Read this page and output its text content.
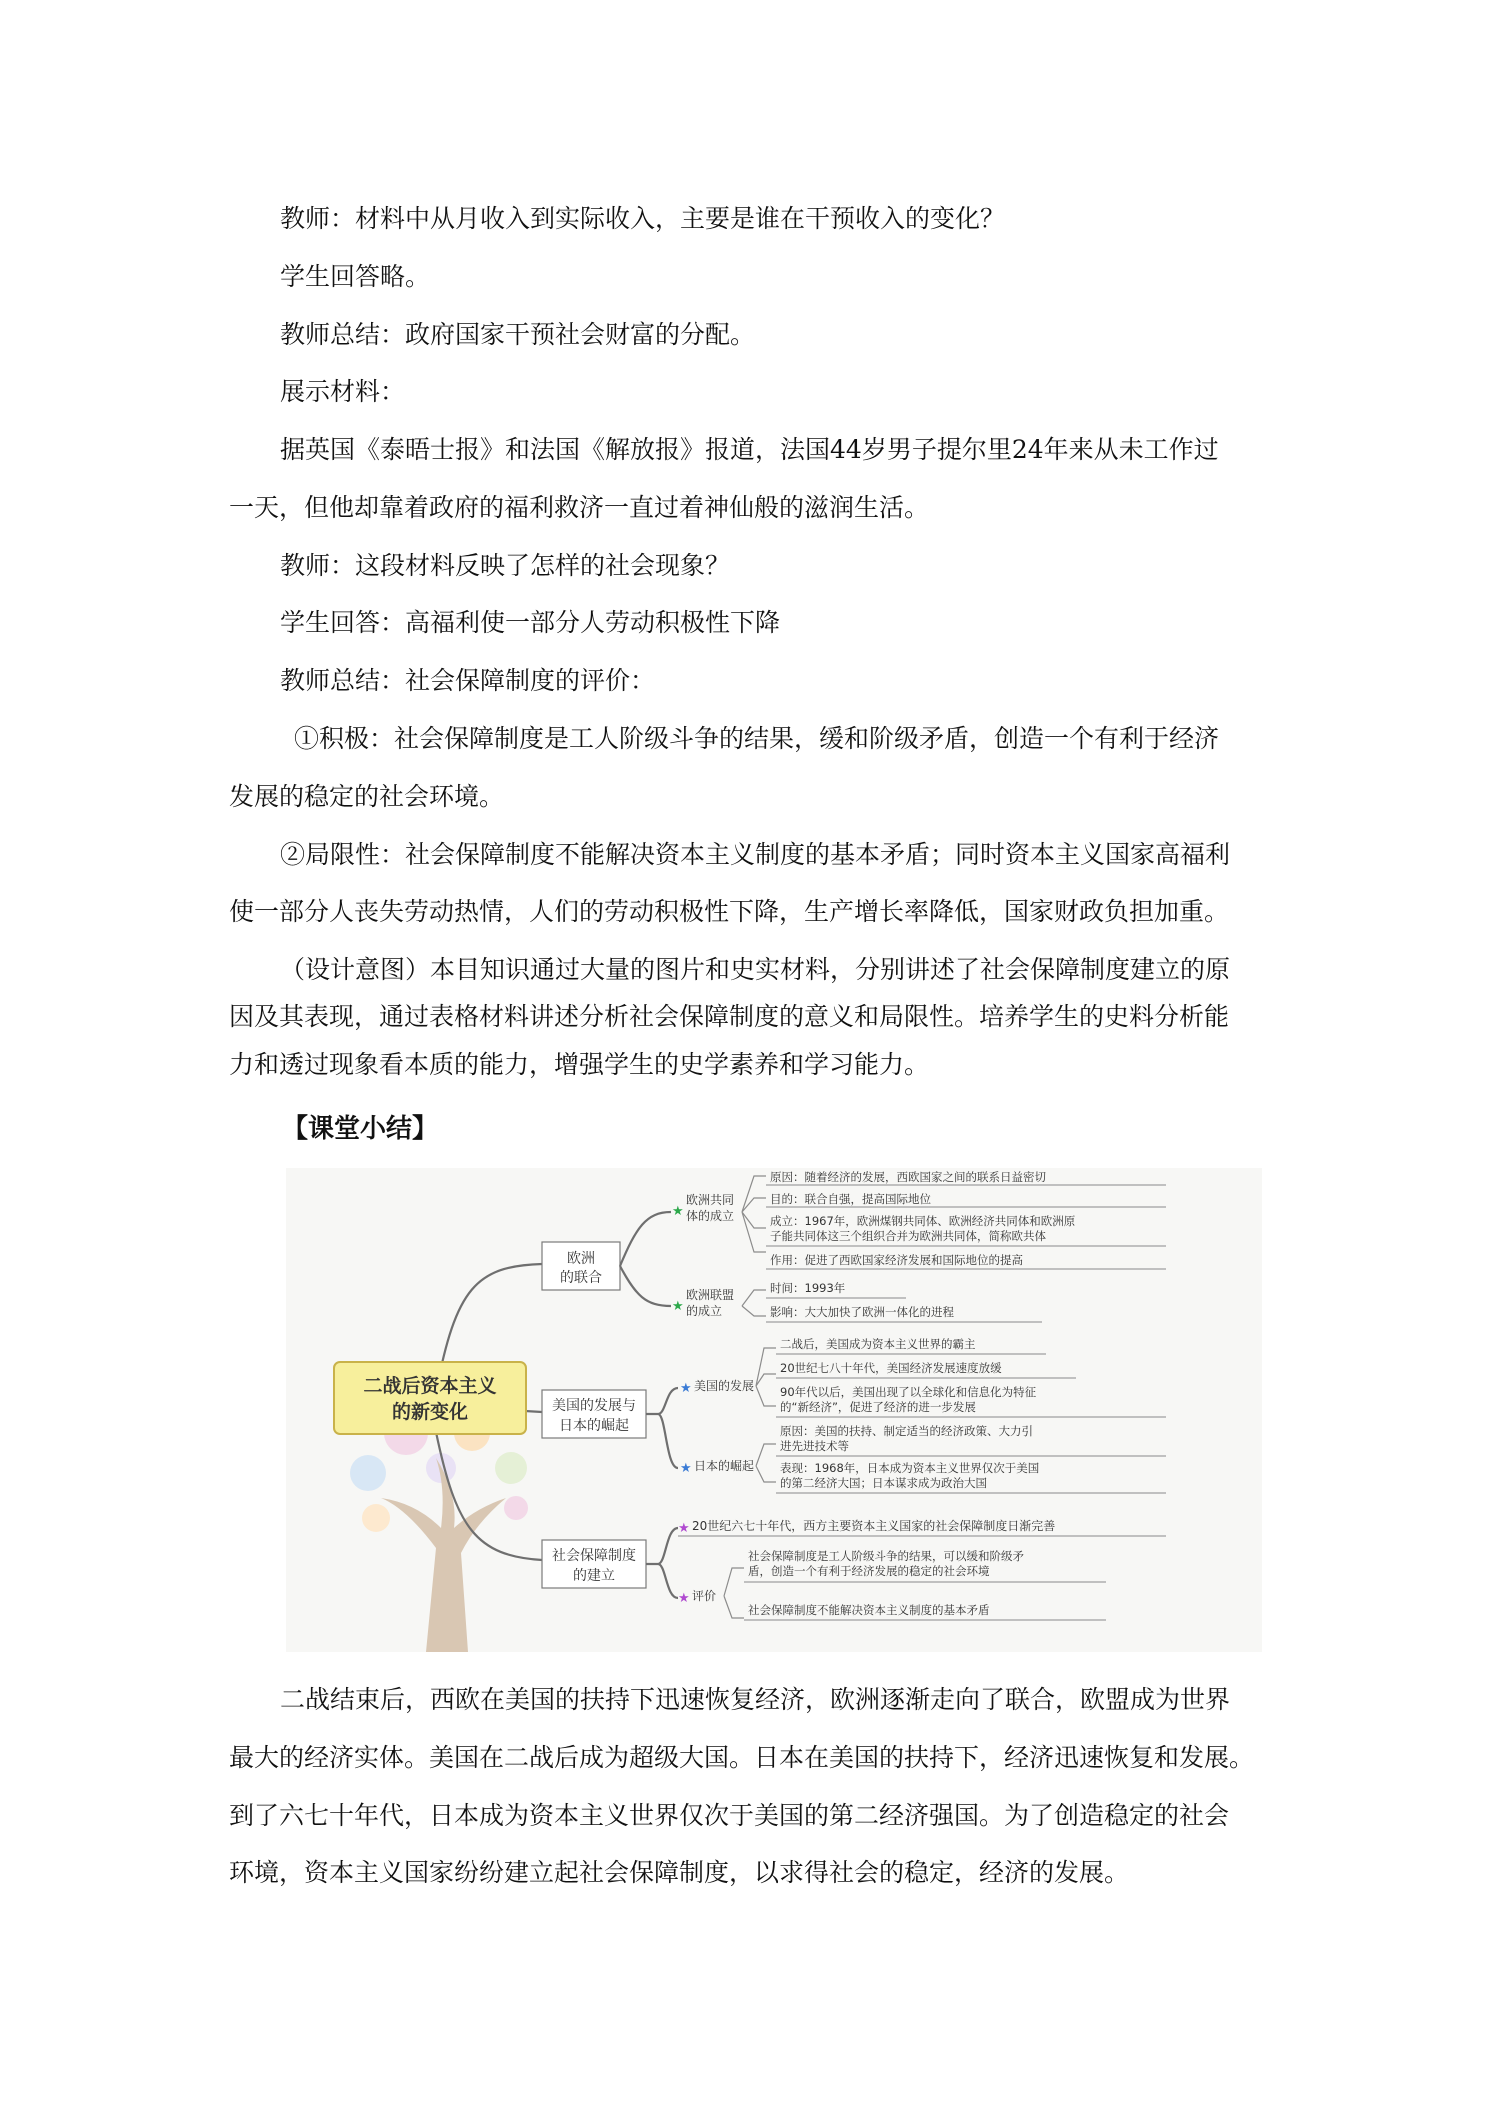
教师：材料中从月收入到实际收入，主要是谁在干预收入的变化？

学生回答略。

教师总结：政府国家干预社会财富的分配。

展示材料：

据英国《泰晤士报》和法国《解放报》报道，法国44岁男子提尔里24年来从未工作过

一天，但他却靠着政府的福利救济一直过着神仙般的滋润生活。

教师：这段材料反映了怎样的社会现象？

学生回答：高福利使一部分人劳动积极性下降

教师总结：社会保障制度的评价：

①积极：社会保障制度是工人阶级斗争的结果，缓和阶级矛盾，创造一个有利于经济

发展的稳定的社会环境。

②局限性：社会保障制度不能解决资本主义制度的基本矛盾；同时资本主义国家高福利

使一部分人丧失劳动热情，人们的劳动积极性下降，生产增长率降低，国家财政负担加重。

（设计意图）本目知识通过大量的图片和史实材料，分别讲述了社会保障制度建立的原

因及其表现，通过表格材料讲述分析社会保障制度的意义和局限性。培养学生的史料分析能

力和透过现象看本质的能力，增强学生的史学素养和学习能力。

【课堂小结】

二战后资本主义
的新变化
欧洲
的联合
★
欧洲共同
体的成立
原因：随着经济的发展，西欧国家之间的联系日益密切
目的：联合自强，提高国际地位
成立：1967年，欧洲煤钢共同体、欧洲经济共同体和欧洲原
子能共同体这三个组织合并为欧洲共同体，简称欧共体
作用：促进了西欧国家经济发展和国际地位的提高
★
欧洲联盟
的成立
时间：1993年
影响：大大加快了欧洲一体化的进程
美国的发展与
日本的崛起
★ 美国的发展
二战后，美国成为资本主义世界的霸主
20世纪七八十年代，美国经济发展速度放缓
90年代以后，美国出现了以全球化和信息化为特征
的“新经济”，促进了经济的进一步发展
★ 日本的崛起
原因：美国的扶持、制定适当的经济政策、大力引
进先进技术等
表现：1968年，日本成为资本主义世界仅次于美国
的第二经济大国；日本谋求成为政治大国
社会保障制度
的建立
★ 20世纪六七十年代，西方主要资本主义国家的社会保障制度日渐完善
★ 评价
社会保障制度是工人阶级斗争的结果，可以缓和阶级矛
盾，创造一个有利于经济发展的稳定的社会环境
社会保障制度不能解决资本主义制度的基本矛盾

二战结束后，西欧在美国的扶持下迅速恢复经济，欧洲逐渐走向了联合，欧盟成为世界

最大的经济实体。美国在二战后成为超级大国。日本在美国的扶持下，经济迅速恢复和发展。

到了六七十年代，日本成为资本主义世界仅次于美国的第二经济强国。为了创造稳定的社会

环境，资本主义国家纷纷建立起社会保障制度，以求得社会的稳定，经济的发展。
